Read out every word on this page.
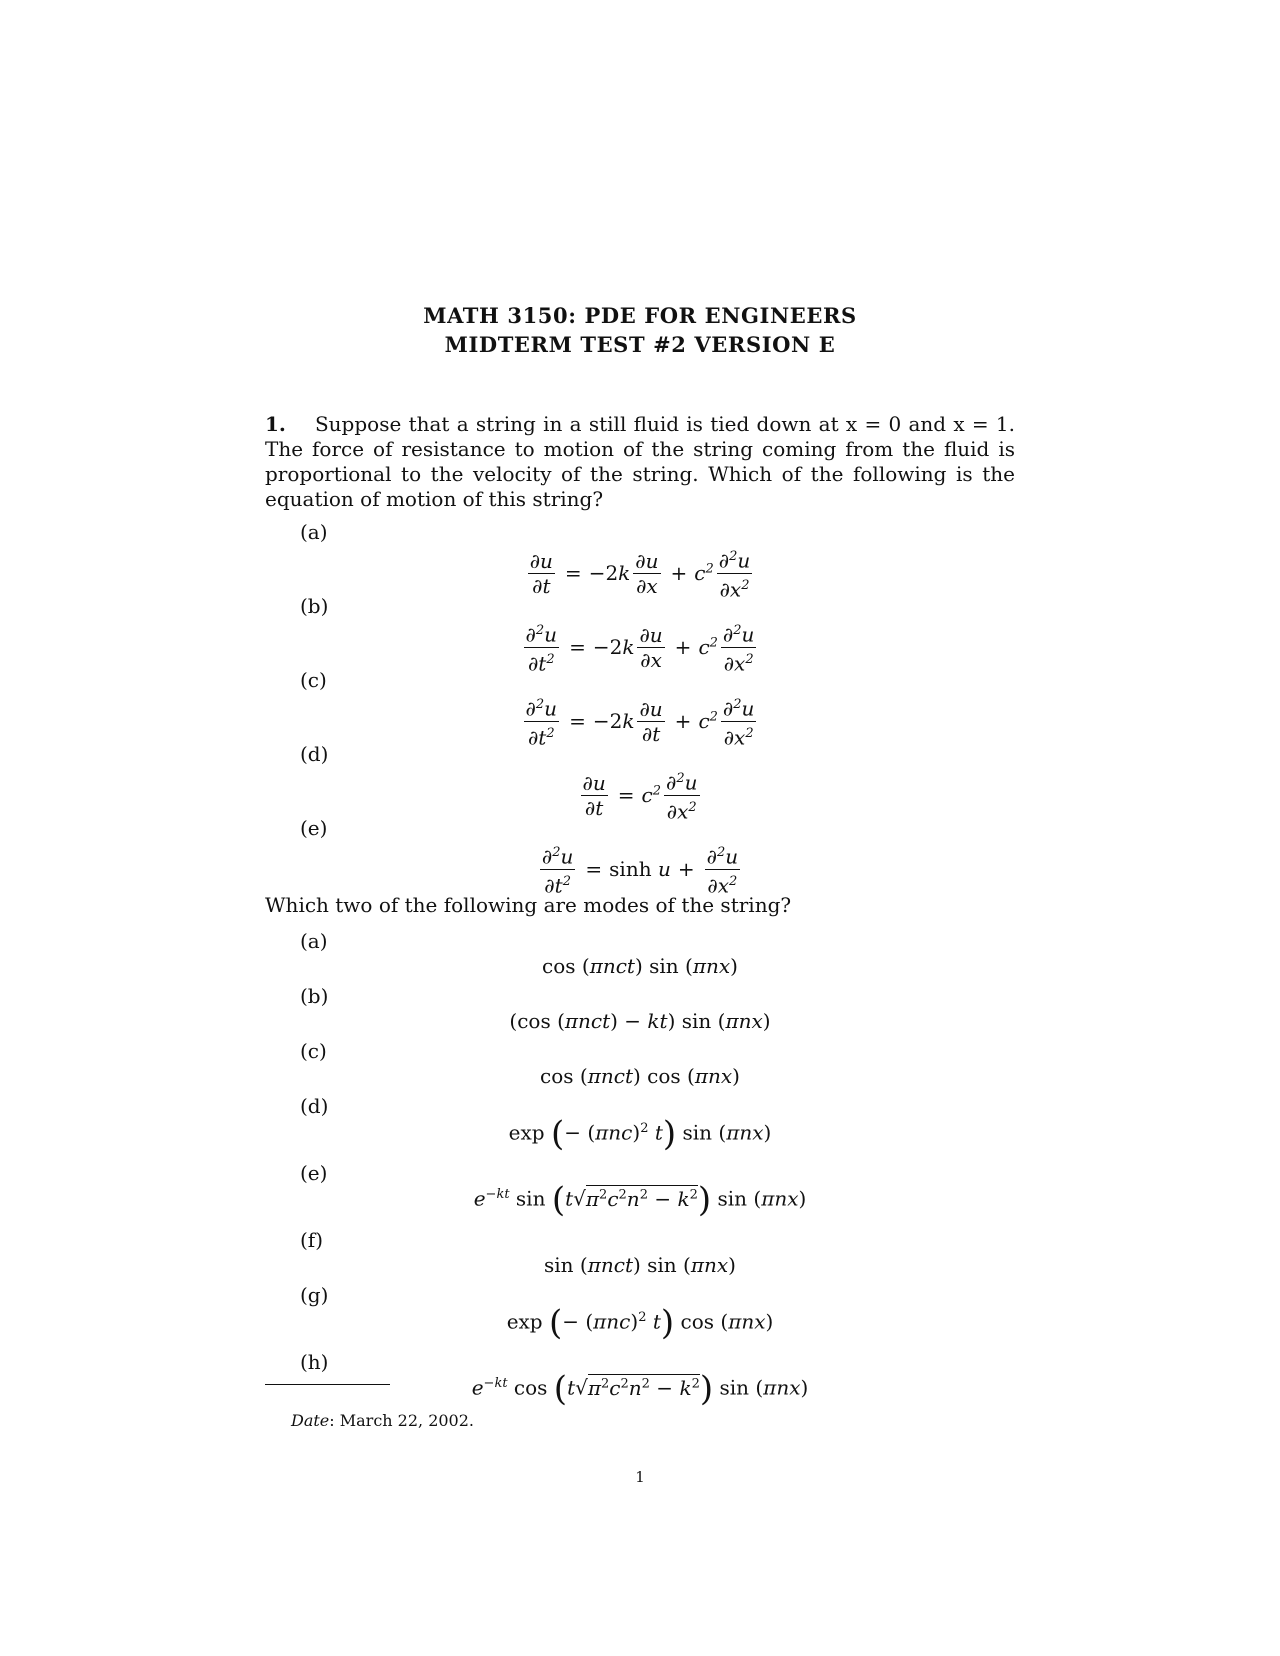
MATH 3150: PDE FOR ENGINEERS
MIDTERM TEST #2 VERSION E
1. Suppose that a string in a still fluid is tied down at x = 0 and x = 1. The force of resistance to motion of the string coming from the fluid is proportional to the velocity of the string. Which of the following is the equation of motion of this string?
(a)
(b)
(c)
(d)
(e)
$\frac{\partial u}{\partial t} = -2k \frac{\partial u}{\partial x} + c^2 \frac{\partial^2u}{\partial x^2}$
$\frac{\partial^2u}{\partial t^2} = -2k \frac{\partial u}{\partial x} + c^2 \frac{\partial^2u}{\partial x^2}$
$\frac{\partial^2u}{\partial t^2} = -2k \frac{\partial u}{\partial t} + c^2 \frac{\partial^2u}{\partial x^2}$
$\frac{\partial u}{\partial t} = c^2 \frac{\partial^2u}{\partial x^2}$
$\frac{\partial^2u}{\partial t^2} = \sinh u + \frac{\partial^2u}{\partial x^2}$
Which two of the following are modes of the string?
(a)
(b)
(c)
(d)
(e)
(f)
(g)
(h)
cos (πnct) sin (πnx)
(cos (πnct) − kt) sin (πnx)
cos (πnct) cos (πnx)
exp (− $(\pi nc)^2$ t) sin (πnx)
$e^{-kt}$ $\sin (t√\pi^2c^2n^2 - k^2)$ sin (πnx)
sin (πnct) sin (πnx)
exp (− $(\pi nc)^2$ t) cos (πnx)
$e^{-kt}$ $\cos (t√\pi^2c^2n^2 - k^2)$ sin (πnx)
Date: March 22, 2002.
1
